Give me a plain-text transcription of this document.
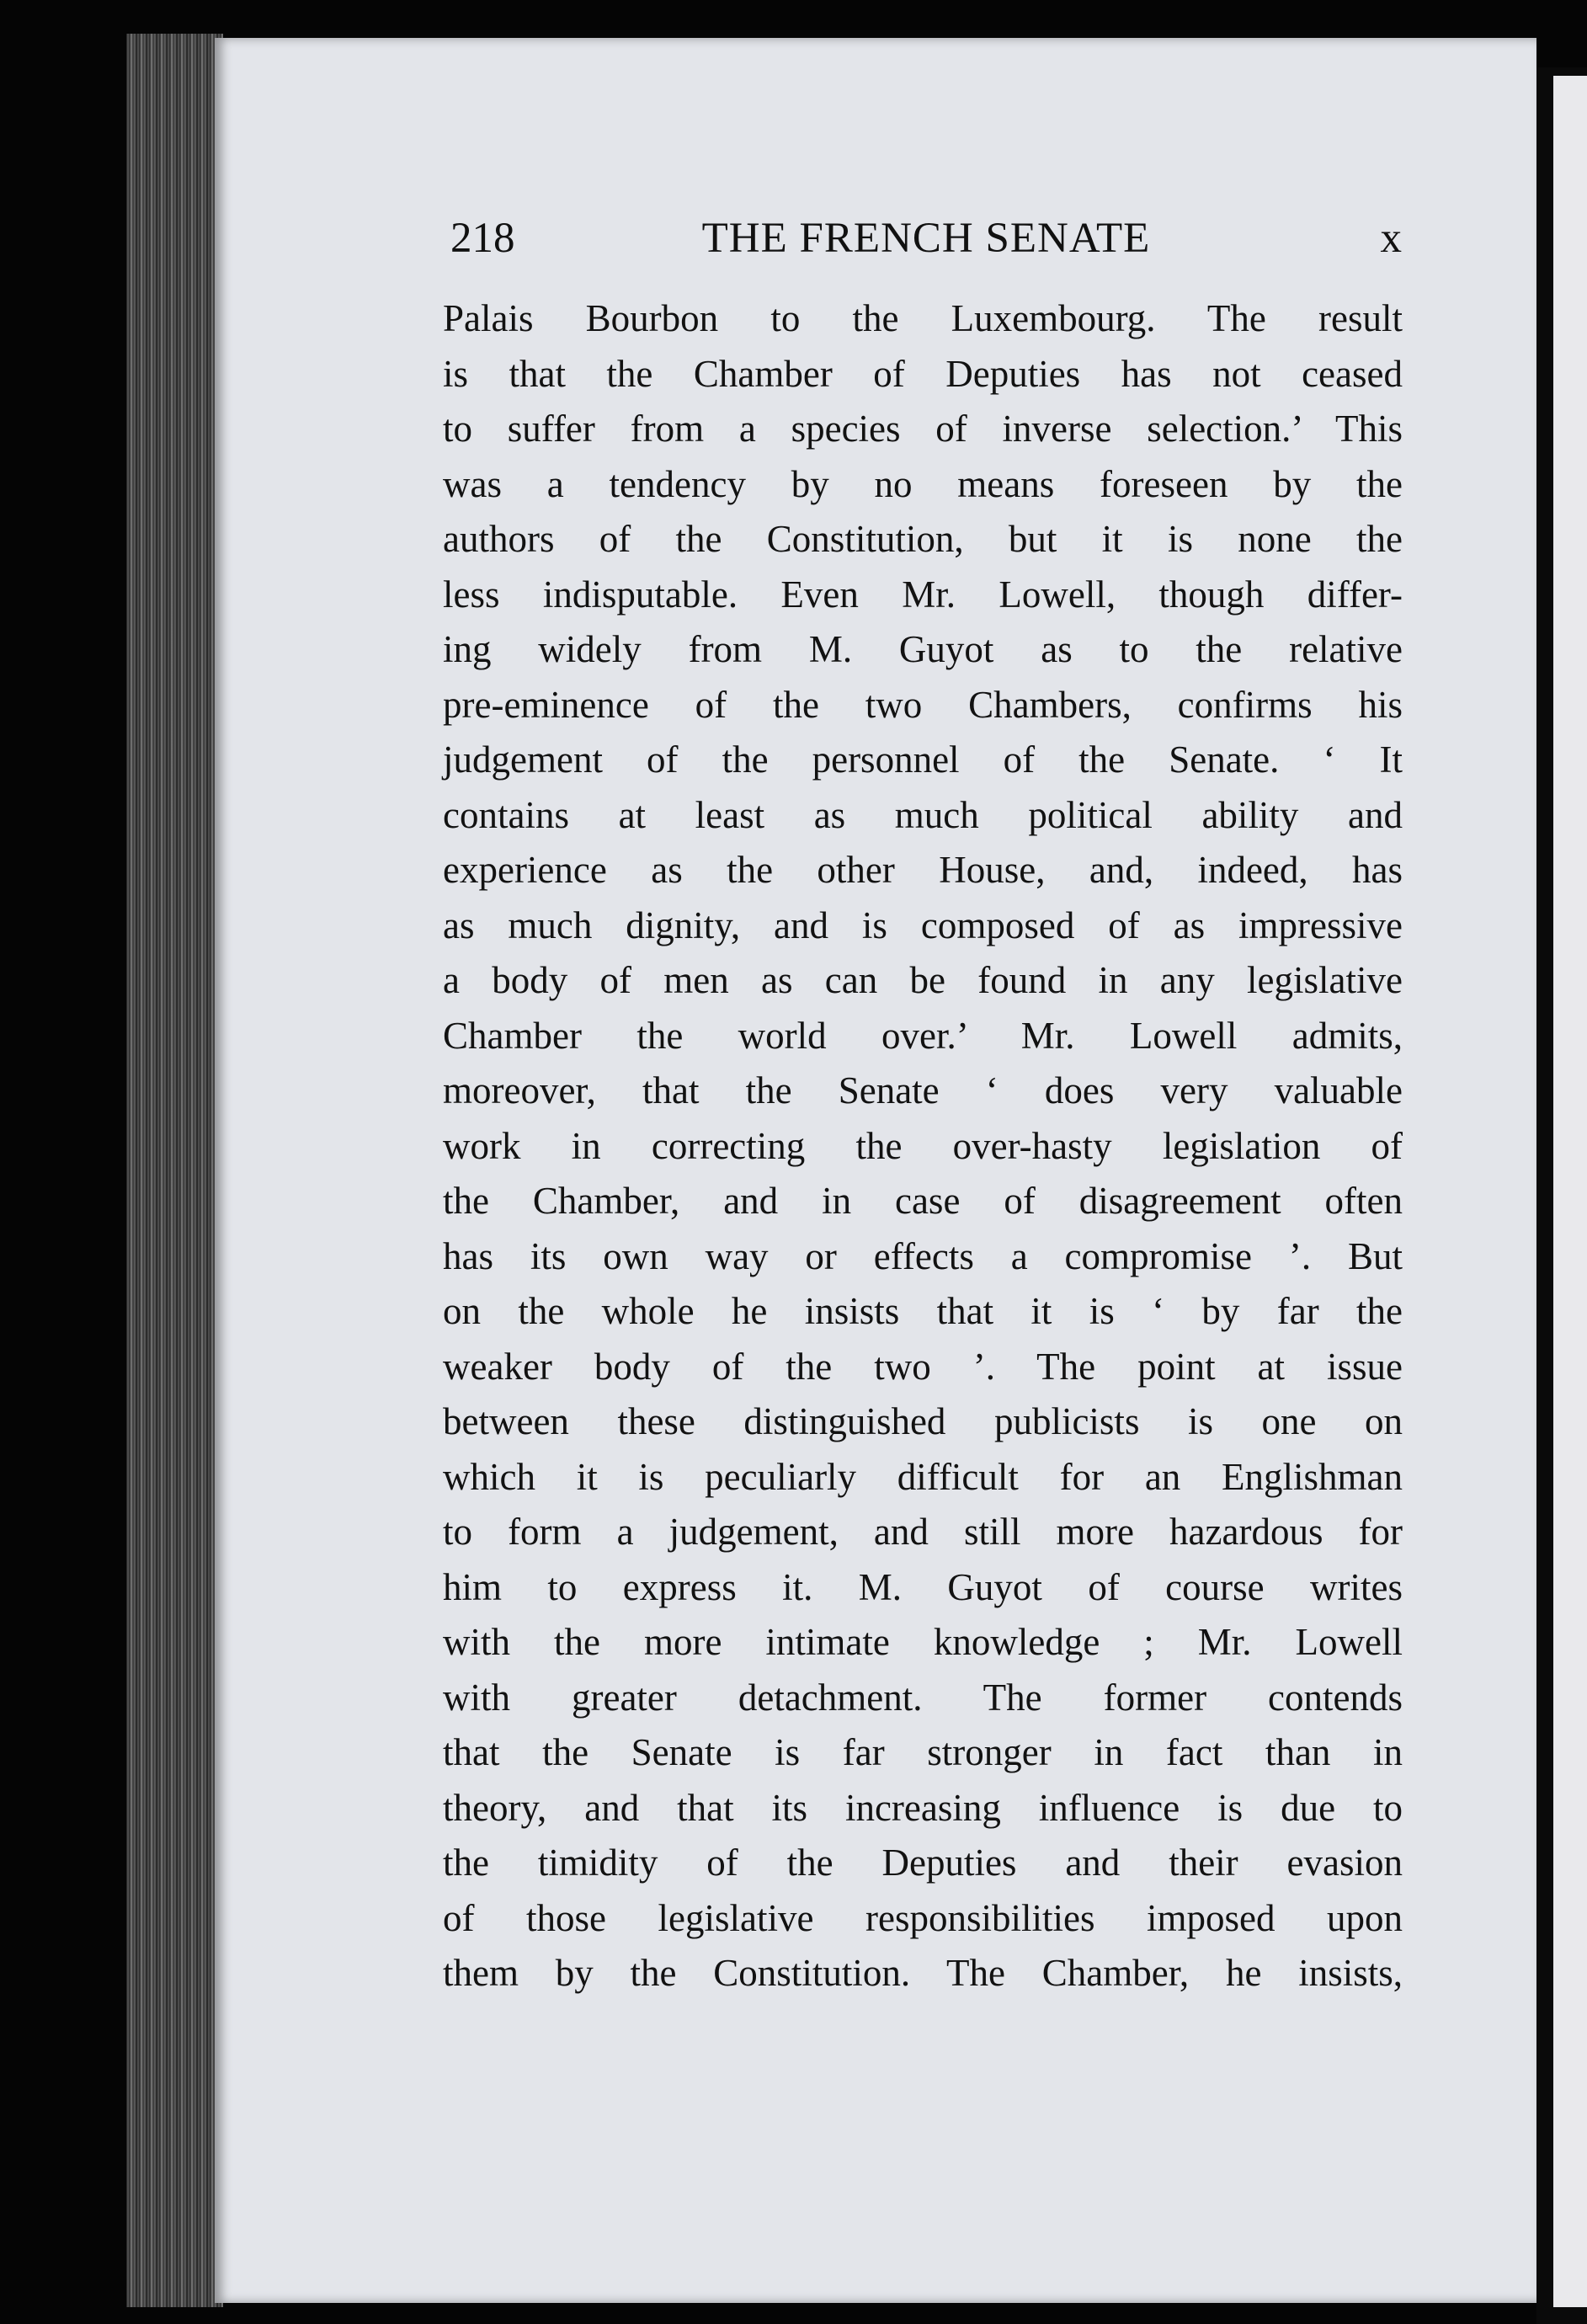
218	THE FRENCH SENATE	x
Palais Bourbon to the Luxembourg. The result
is that the Chamber of Deputies has not ceased
to suffer from a species of inverse selection.’ This
was a tendency by no means foreseen by the
authors of the Constitution, but it is none the
less indisputable. Even Mr. Lowell, though differ-
ing widely from M. Guyot as to the relative
pre-eminence of the two Chambers, confirms his
judgement of the personnel of the Senate. ‘ It
contains at least as much political ability and
experience as the other House, and, indeed, has
as much dignity, and is composed of as impressive
a body of men as can be found in any legislative
Chamber the world over.’ Mr. Lowell admits,
moreover, that the Senate ‘ does very valuable
work in correcting the over-hasty legislation of
the Chamber, and in case of disagreement often
has its own way or effects a compromise ’. But
on the whole he insists that it is ‘ by far the
weaker body of the two ’. The point at issue
between these distinguished publicists is one on
which it is peculiarly difficult for an Englishman
to form a judgement, and still more hazardous for
him to express it. M. Guyot of course writes
with the more intimate knowledge ; Mr. Lowell
with greater detachment. The former contends
that the Senate is far stronger in fact than in
theory, and that its increasing influence is due to
the timidity of the Deputies and their evasion
of those legislative responsibilities imposed upon
them by the Constitution. The Chamber, he insists,
